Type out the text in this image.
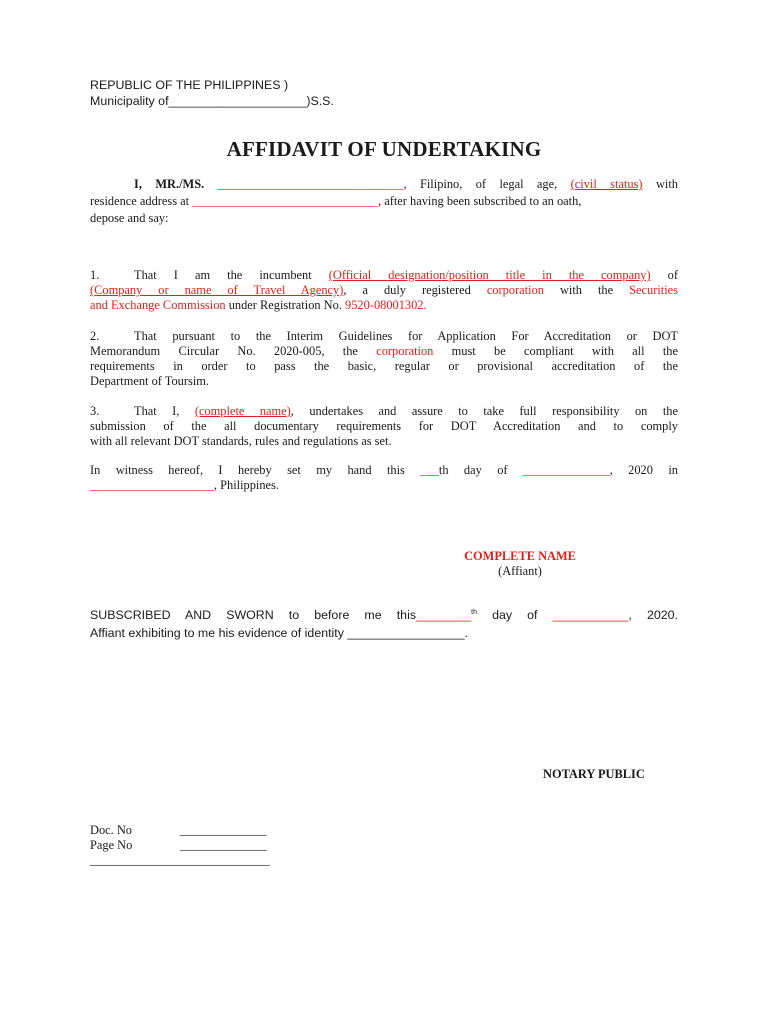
REPUBLIC OF THE PHILIPPINES )
Municipality of____________________)S.S.
AFFIDAVIT OF UNDERTAKING
I, MR./MS. ______________________________, Filipino, of legal age, (civil status) with
residence address at ______________________________, after having been subscribed to an oath,
depose and say:
1.	That I am the incumbent (Official designation/position title in the company) of
(Company or name of Travel Agency), a duly registered corporation with the Securities
and Exchange Commission under Registration No. 9520-08001302.
2.	That pursuant to the Interim Guidelines for Application For Accreditation or DOT
Memorandum Circular No. 2020-005, the corporation must be compliant with all the
requirements in order to pass the basic, regular or provisional accreditation of the
Department of Toursim.
3.	That I, (complete name), undertakes and assure to take full responsibility on the
submission of the all documentary requirements for DOT Accreditation and to comply
with all relevant DOT standards, rules and regulations as set.
In witness hereof, I hereby set my hand this ___th day of ______________, 2020 in
____________________, Philippines.
COMPLETE NAME
(Affiant)
SUBSCRIBED AND SWORN to before me this________$^{th}$ day of ___________, 2020.
Affiant exhibiting to me his evidence of identity _________________.
NOTARY PUBLIC
Doc. No	______________
Page No	______________
_____________________________
